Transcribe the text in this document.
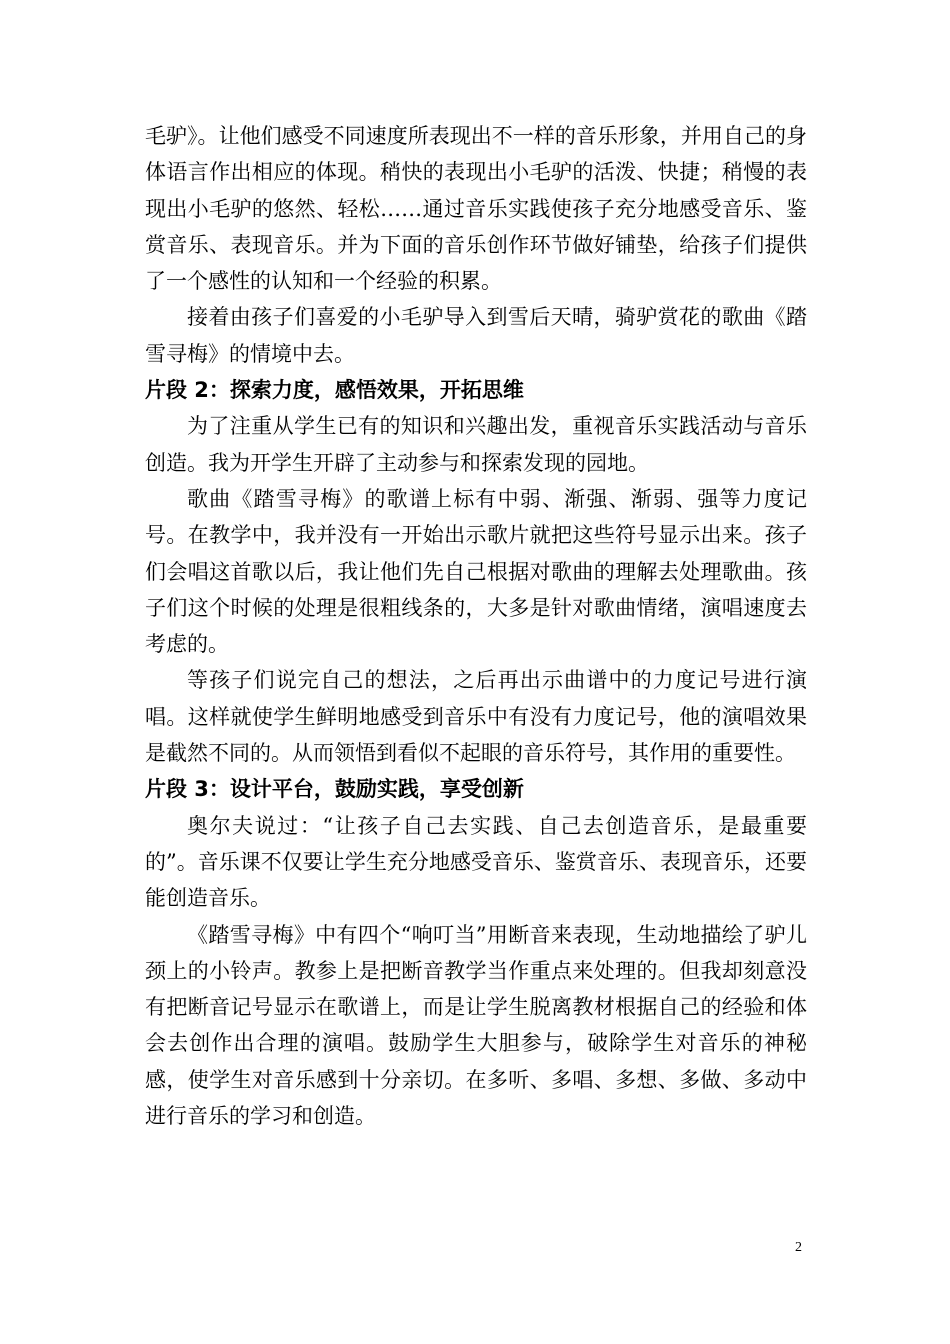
毛驴》。让他们感受不同速度所表现出不一样的音乐形象，并用自己的身体语言作出相应的体现。稍快的表现出小毛驴的活泼、快捷；稍慢的表现出小毛驴的悠然、轻松……通过音乐实践使孩子充分地感受音乐、鉴赏音乐、表现音乐。并为下面的音乐创作环节做好铺垫，给孩子们提供了一个感性的认知和一个经验的积累。

接着由孩子们喜爱的小毛驴导入到雪后天晴，骑驴赏花的歌曲《踏雪寻梅》的情境中去。

片段 2：探索力度，感悟效果，开拓思维

为了注重从学生已有的知识和兴趣出发，重视音乐实践活动与音乐创造。我为开学生开辟了主动参与和探索发现的园地。

歌曲《踏雪寻梅》的歌谱上标有中弱、渐强、渐弱、强等力度记号。在教学中，我并没有一开始出示歌片就把这些符号显示出来。孩子们会唱这首歌以后，我让他们先自己根据对歌曲的理解去处理歌曲。孩子们这个时候的处理是很粗线条的，大多是针对歌曲情绪，演唱速度去考虑的。

等孩子们说完自己的想法，之后再出示曲谱中的力度记号进行演唱。这样就使学生鲜明地感受到音乐中有没有力度记号，他的演唱效果是截然不同的。从而领悟到看似不起眼的音乐符号，其作用的重要性。

片段 3：设计平台，鼓励实践，享受创新

奥尔夫说过：“让孩子自己去实践、自己去创造音乐，是最重要的”。音乐课不仅要让学生充分地感受音乐、鉴赏音乐、表现音乐，还要能创造音乐。

《踏雪寻梅》中有四个“响叮当”用断音来表现，生动地描绘了驴儿颈上的小铃声。教参上是把断音教学当作重点来处理的。但我却刻意没有把断音记号显示在歌谱上，而是让学生脱离教材根据自己的经验和体会去创作出合理的演唱。鼓励学生大胆参与，破除学生对音乐的神秘感，使学生对音乐感到十分亲切。在多听、多唱、多想、多做、多动中进行音乐的学习和创造。

2
